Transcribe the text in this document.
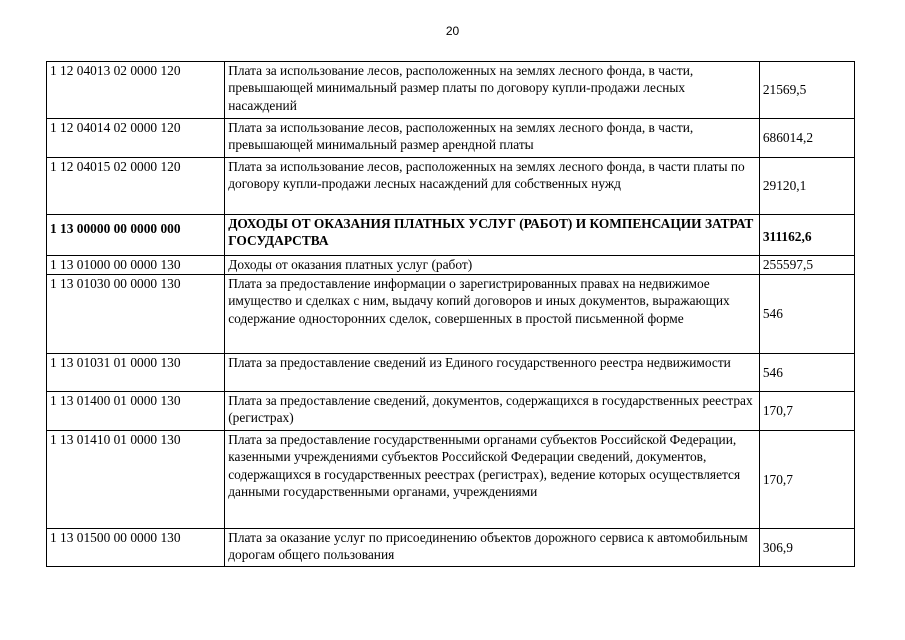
20
1 12 04013 02 0000 120	Плата за использование лесов, расположенных на землях лесного фонда, в части, превышающей минимальный размер платы по договору купли-продажи лесных насаждений	21569,5
1 12 04014 02 0000 120	Плата за использование лесов, расположенных на землях лесного фонда, в части, превышающей минимальный размер арендной платы	686014,2
1 12 04015 02 0000 120	Плата за использование лесов, расположенных на землях лесного фонда, в части платы по договору купли-продажи лесных насаждений для собственных нужд	29120,1
1 13 00000 00 0000 000	ДОХОДЫ ОТ ОКАЗАНИЯ ПЛАТНЫХ УСЛУГ (РАБОТ) И КОМПЕНСАЦИИ ЗАТРАТ ГОСУДАРСТВА	311162,6
1 13 01000 00 0000 130	Доходы от оказания платных услуг (работ)	255597,5
1 13 01030 00 0000 130	Плата за предоставление информации о зарегистрированных правах на недвижимое имущество и сделках с ним, выдачу копий договоров и иных документов, выражающих содержание односторонних сделок, совершенных в простой письменной форме	546
1 13 01031 01 0000 130	Плата за предоставление сведений из Единого государственного реестра недвижимости	546
1 13 01400 01 0000 130	Плата за предоставление сведений, документов, содержащихся в государственных реестрах (регистрах)	170,7
1 13 01410 01 0000 130	Плата за предоставление государственными органами субъектов Российской Федерации, казенными учреждениями субъектов Российской Федерации сведений, документов, содержащихся в государственных реестрах (регистрах), ведение которых осуществляется данными государственными органами, учреждениями	170,7
1 13 01500 00 0000 130	Плата за оказание услуг по присоединению объектов дорожного сервиса к автомобильным дорогам общего пользования	306,9
